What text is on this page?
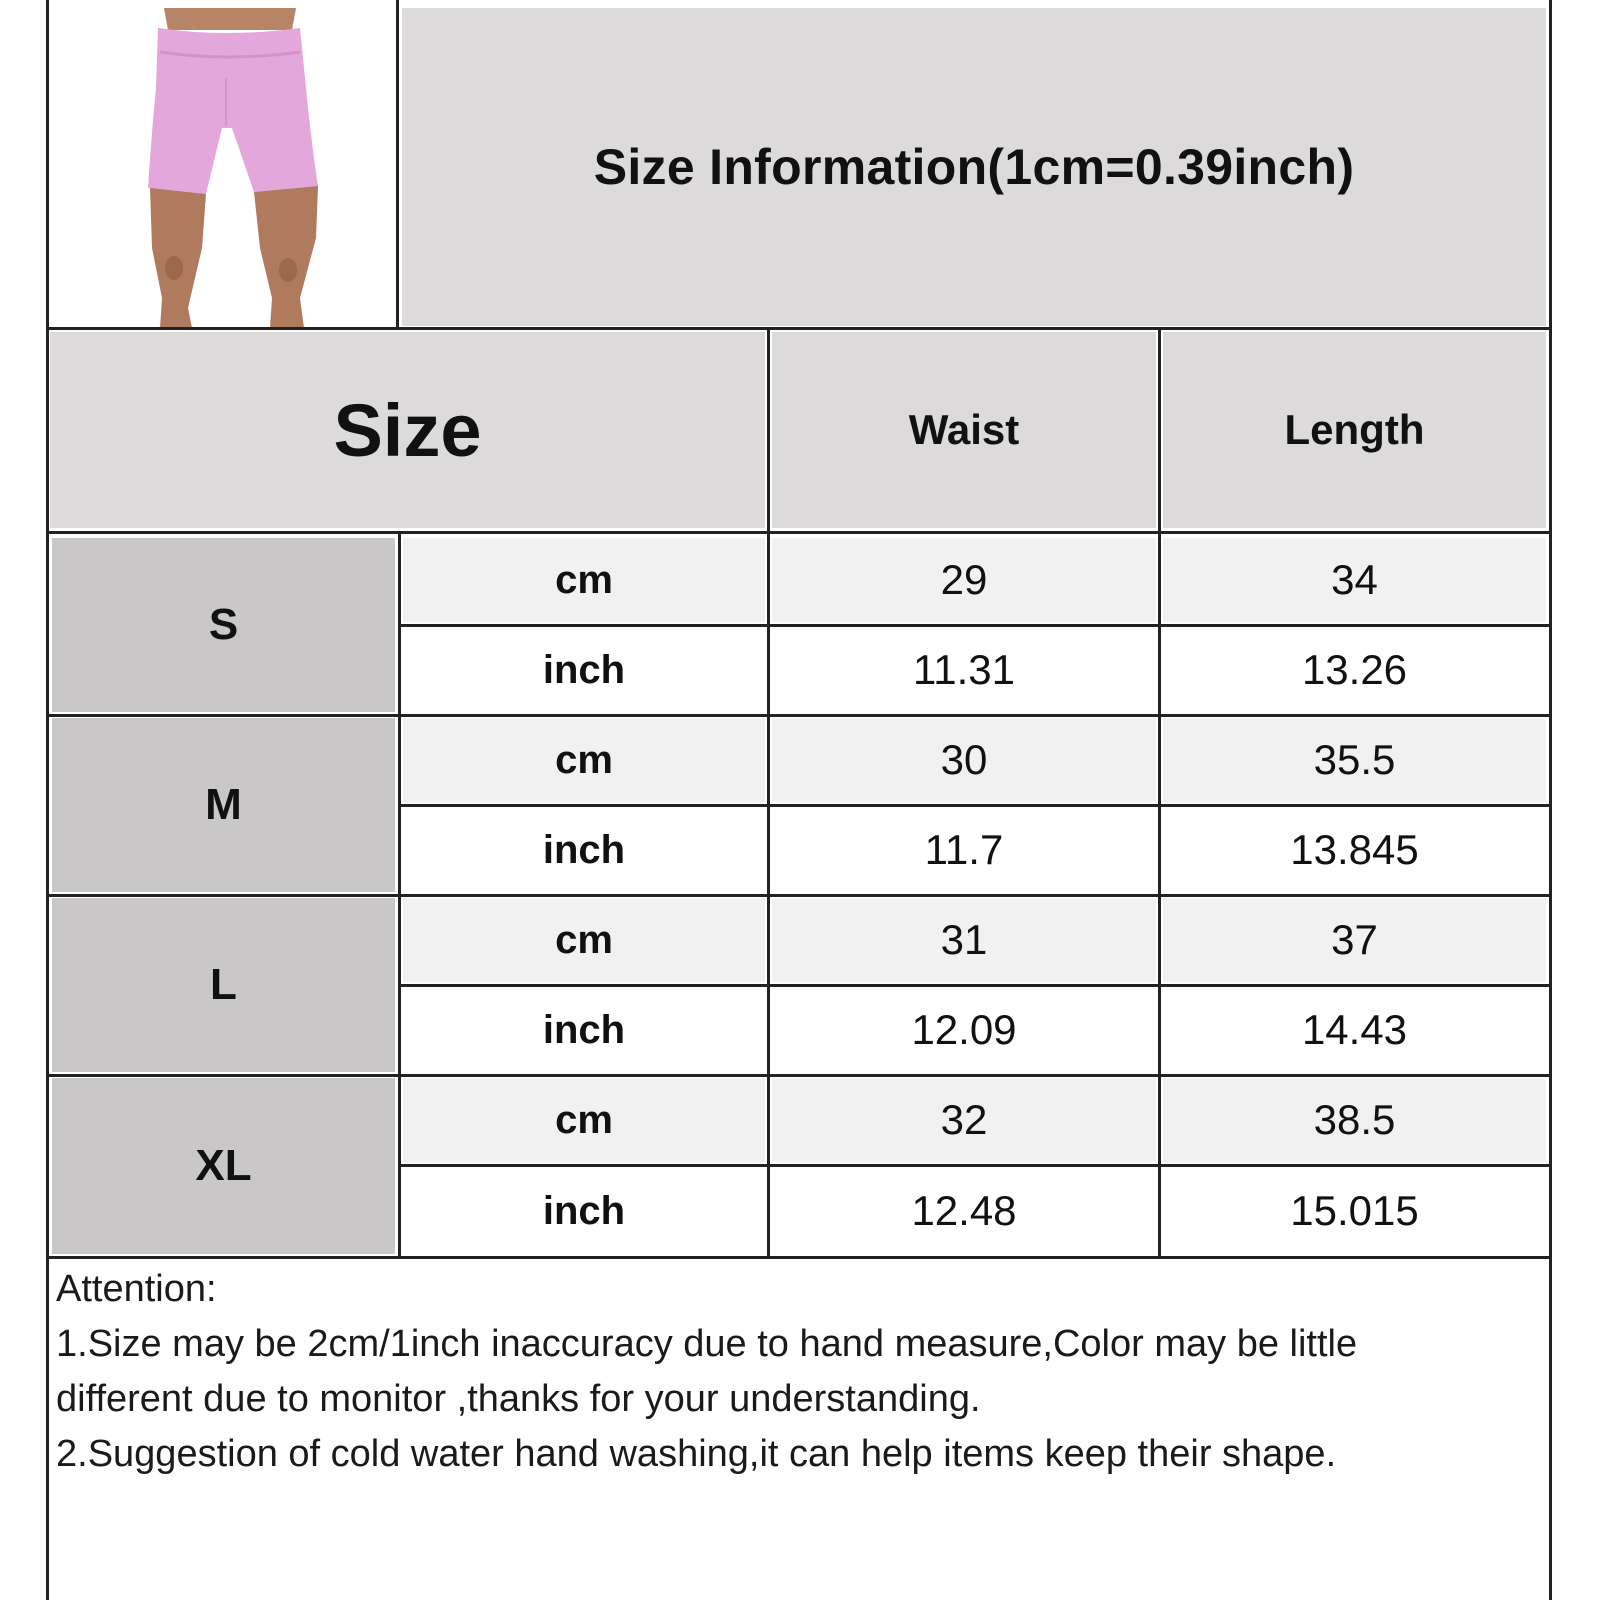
Size Information(1cm=0.39inch)
Size	Waist	Length
S
cm	29	34
inch	11.31	13.26
M
cm	30	35.5
inch	11.7	13.845
L
cm	31	37
inch	12.09	14.43
XL
cm	32	38.5
inch	12.48	15.015
Attention:
1.Size may be 2cm/1inch inaccuracy due to hand measure,Color may be little
different due to monitor ,thanks for your understanding.
2.Suggestion of cold water hand washing,it can help items keep their shape.
